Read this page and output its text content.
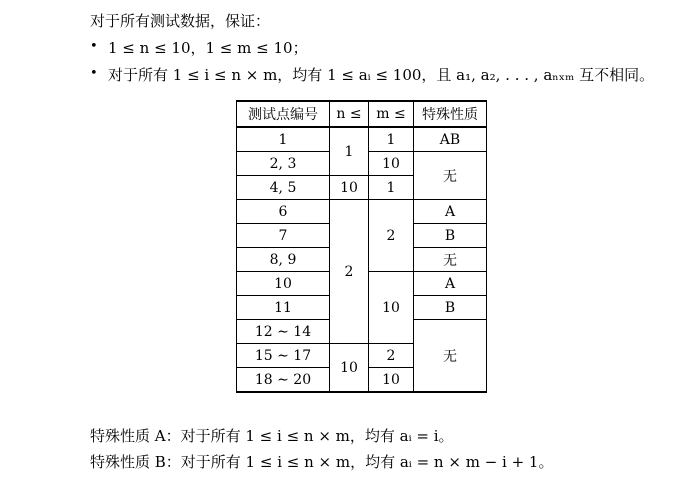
对于所有测试数据，保证：
• 1 ≤ n ≤ 10，1 ≤ m ≤ 10；
• 对于所有 1 ≤ i ≤ n × m，均有 1 ≤ aᵢ ≤ 100，且 a₁, a₂, . . . , aₙₓₘ 互不相同。
测试点编号	n ≤	m ≤	特殊性质
1	1	1	AB
2, 3		10	无
4, 5	10	1	
6	2	2	A
7			B
8, 9			无
10		10	A
11			B
12 ∼ 14			无
15 ∼ 17	10	2	
18 ∼ 20		10	
特殊性质 A：对于所有 1 ≤ i ≤ n × m，均有 aᵢ = i。
特殊性质 B：对于所有 1 ≤ i ≤ n × m，均有 aᵢ = n × m − i + 1。
